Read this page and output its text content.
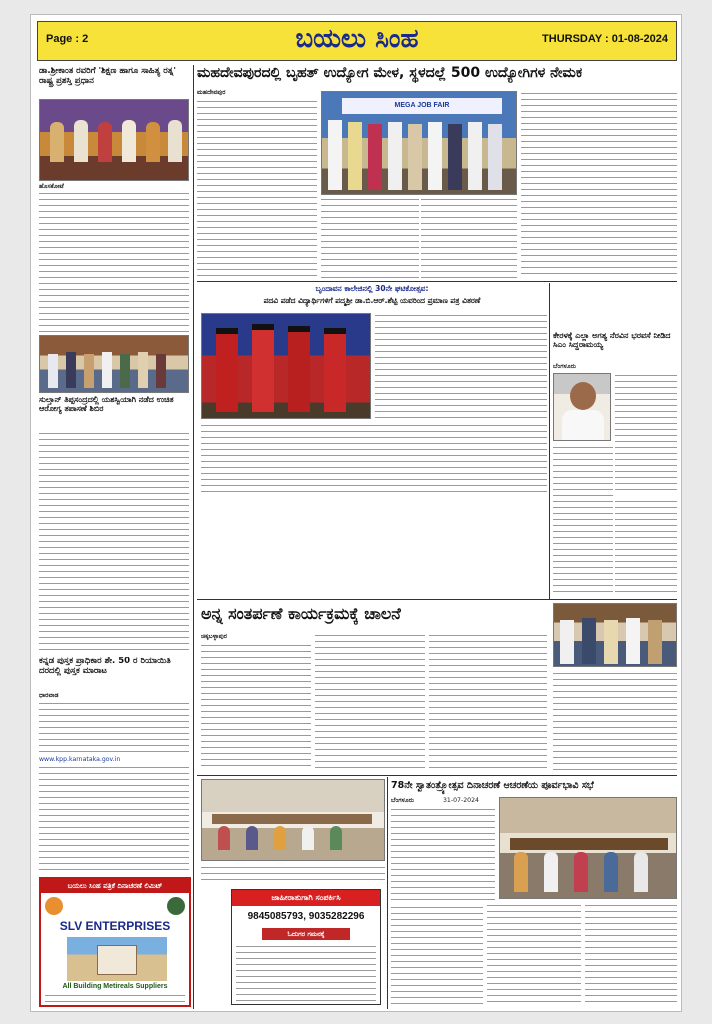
Page : 2	ಬಯಲು ಸಿಂಹ	THURSDAY : 01-08-2024
ಡಾ.ಶ್ರೀಕಾಂತ ರವರಿಗೆ 'ಶಿಕ್ಷಣ ಹಾಗೂ ಸಾಹಿತ್ಯ ರತ್ನ' ರಾಷ್ಟ್ರ ಪ್ರಶಸ್ತಿ ಪ್ರಧಾನ
ಹೊಸಕೋಟೆ
ಸುಲ್ತಾನ್ ತಿಪ್ಪಸಂದ್ರದಲ್ಲಿ ಯಶಸ್ವಿಯಾಗಿ ನಡೆದ ಉಚಿತ ಆರೋಗ್ಯ ತಪಾಸಣೆ ಶಿಬಿರ
ಕನ್ನಡ ಪುಸ್ತಕ ಪ್ರಾಧಿಕಾರ ಶೇ. 50 ರ ರಿಯಾಯಿತಿ ದರದಲ್ಲಿ ಪುಸ್ತಕ ಮಾರಾಟ
ಧಾರವಾಡ
www.kpp.karnataka.gov.in
ಬಯಲು ಸಿಂಹ ಪತ್ರಿಕೆ ದಿನಾಚರಣೆ ಲಿಮಿಟ್
SLV ENTERPRISES
All Building Metireals Suppliers
ಮಹದೇವಪುರದಲ್ಲಿ ಬೃಹತ್ ಉದ್ಯೋಗ ಮೇಳ, ಸ್ಥಳದಲ್ಲೆ 500 ಉದ್ಯೋಗಿಗಳ ನೇಮಕ
ಮಹದೇವಪುರ
MEGA JOB FAIR
ಬೃಂದಾವನ ಕಾಲೇಜಿನಲ್ಲಿ 30ನೇ ಘಟಿಕೋತ್ಸವ:
ಪದವಿ ಪಡೆದ ವಿದ್ಯಾರ್ಥಿಗಳಿಗೆ ಪದ್ಮಶ್ರೀ ಡಾ.ಬಿ.ಆರ್.ಶೆಟ್ಟಿ ಯವರಿಂದ ಪ್ರಮಾಣ ಪತ್ರ ವಿತರಣೆ
ಕೇರಳಕ್ಕೆ ಎಲ್ಲಾ ಅಗತ್ಯ ನೆರವಿನ ಭರವಸೆ ನೀಡಿದ ಸಿಎಂ ಸಿದ್ದರಾಮಯ್ಯ
ಬೆಂಗಳೂರು
ಅನ್ನ ಸಂತರ್ಪಣೆ ಕಾರ್ಯಕ್ರಮಕ್ಕೆ ಚಾಲನೆ
ಚಿಕ್ಕಬಳ್ಳಾಪುರ
ಜಾಹೀರಾತುಗಾಗಿ ಸಂಪರ್ಕಿಸಿ
9845085793, 9035282296
ಓದುಗರ ಗಮನಕ್ಕೆ
78ನೇ ಸ್ವಾತಂತ್ರ್ಯೋತ್ಸವ ದಿನಾಚರಣೆ ಆಚರಣೆಯ ಪೂರ್ವಭಾವಿ ಸಭೆ
ಬೆಂಗಳೂರು	31-07-2024
